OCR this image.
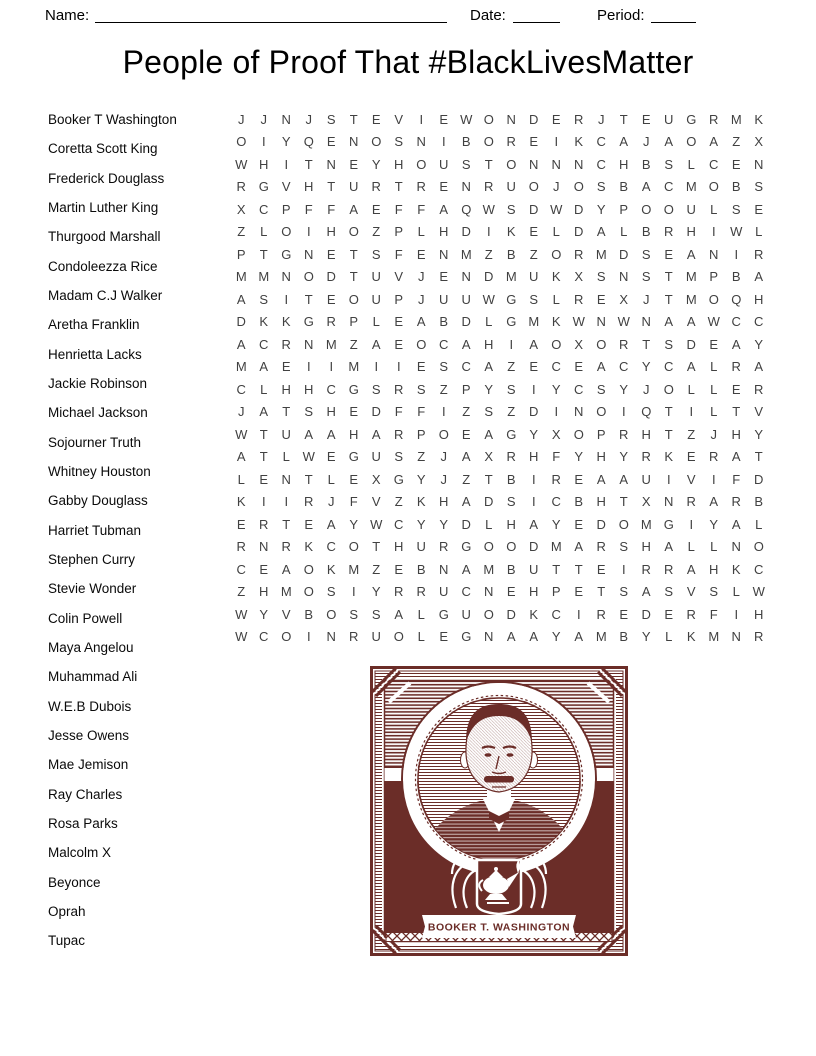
Name:	Date:	Period:
People of Proof That #BlackLivesMatter
Booker T Washington
Coretta Scott King
Frederick Douglass
Martin Luther King
Thurgood Marshall
Condoleezza Rice
Madam C.J Walker
Aretha Franklin
Henrietta Lacks
Jackie Robinson
Michael Jackson
Sojourner Truth
Whitney Houston
Gabby Douglass
Harriet Tubman
Stephen Curry
Stevie Wonder
Colin Powell
Maya Angelou
Muhammad Ali
W.E.B Dubois
Jesse Owens
Mae Jemison
Ray Charles
Rosa Parks
Malcolm X
Beyonce
Oprah
Tupac
J	J	N	J	S	T	E	V	I	E W O N	D	E	R	J	T	E	U G R M K
O	I	Y	Q	E	N O	S	N	I	B	O R	E	I	K	C	A	J	A	O	A	Z	X
W H	I	T	N	E	Y	H O U	S	T	O N	N	N	C	H	B	S	L	C	E	N
R G	V	H	T	U	R	T	R	E	N	R	U O	J	O	S	B	A	C M O	B	S
X	C	P	F	F	A	E	F	F	A	Q W S	D W D	Y	P	O O U	L	S	E
Z	L	O	I	H O	Z	P	L	H	D	I	K	E	L	D	A	L	B	R	H	I	W L
P	T	G N	E	T	S	F	E	N M	Z	B	Z	O R M D	S	E	A	N	I	R
M M N O D	T	U	V	J	E	N	D M U	K	X	S	N	S	T	M P	B	A
A	S	I	T	E	O U	P	J	U	U W G	S	L	R	E	X	J	T	M O Q H
D	K	K	G R	P	L	E	A	B	D	L	G M K W N W N	A	A W C	C
A	C	R	N M	Z	A	E	O C	A	H	I	A	O	X	O R	T	S	D	E	A	Y
M A	E	I	I	M	I	I	E	S	C	A	Z	E	C	E	A	C	Y	C	A	L	R	A
C	L	H	H	C G	S	R	S	Z	P	Y	S	I	Y	C	S	Y	J	O	L	L	E	R
J	A	T	S	H	E	D	F	F	I	Z	S	Z	D	I	N O	I	Q	T	I	L	T	V
W T	U	A	A	H	A	R	P	O	E	A	G	Y	X	O	P	R	H	T	Z	J	H	Y
A	T	L W E	G U	S	Z	J	A	X	R	H	F	Y	H	Y	R	K	E	R	A	T
L	E	N	T	L	E	X	G	Y	J	Z	T	B	I	R	E	A	A	U	I	V	I	F	D
K	I	I	R	J	F	V	Z	K	H	A	D	S	I	C	B	H	T	X	N	R	A	R	B
E	R	T	E	A	Y W C	Y	Y	D	L	H	A	Y	E	D O M G	I	Y	A	L
R	N	R	K	C O	T	H	U	R G O O D M A	R	S	H	A	L	L	N O
C	E	A	O	K M	Z	E	B	N	A M B	U	T	T	E	I	R	R	A	H	K	C
Z	H M O	S	I	Y	R	R	U	C	N	E	H	P	E	T	S	A	S	V	S	L W
W Y	V	B	O	S	S	A	L	G U O D	K	C	I	R	E	D	E	R	F	I	H
W C O	I	N	R	U O	L	E	G N	A	A	Y	A M B	Y	L	K M N	R
BOOKER T. WASHINGTON
